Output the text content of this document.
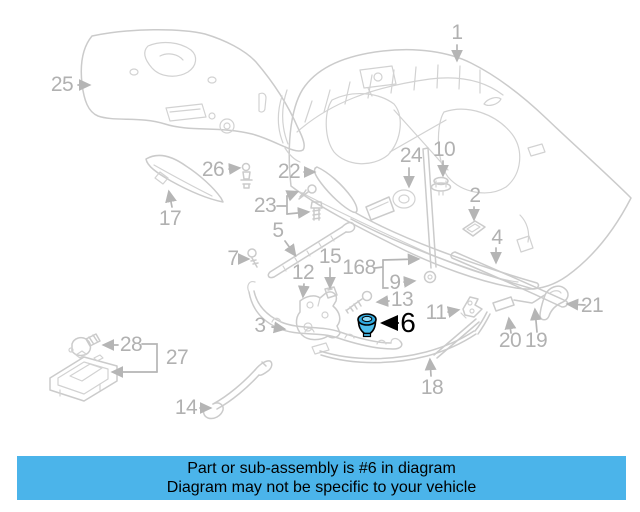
1
25
26	22
17
23
24 10
2
4
5
7
12
15 168
9
13
11
6
3
21
20 19
18
28
27
14
Part or sub-assembly is #6 in diagram
Diagram may not be specific to your vehicle
